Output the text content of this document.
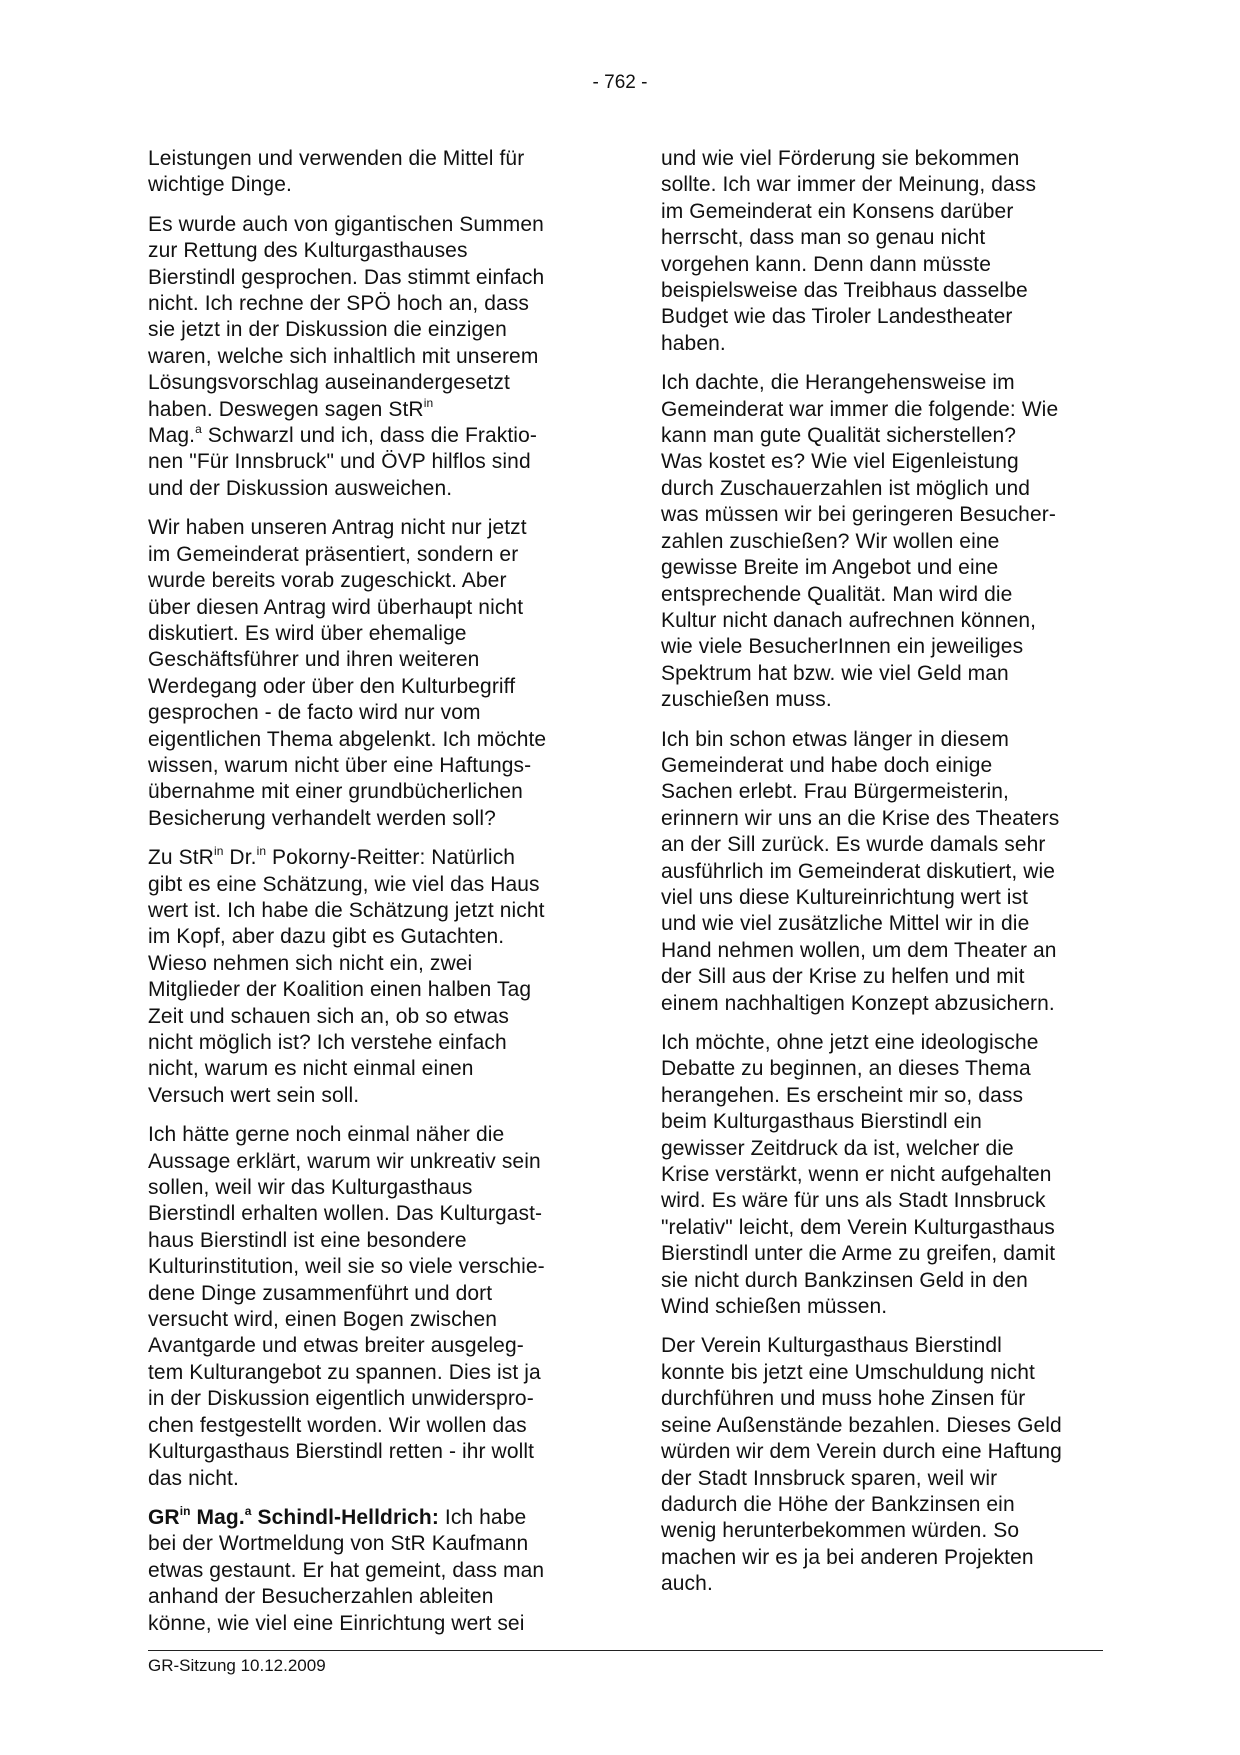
- 762 -

Leistungen und verwenden die Mittel für
wichtige Dinge.

Es wurde auch von gigantischen Summen
zur Rettung des Kulturgasthauses
Bierstindl gesprochen. Das stimmt einfach
nicht. Ich rechne der SPÖ hoch an, dass
sie jetzt in der Diskussion die einzigen
waren, welche sich inhaltlich mit unserem
Lösungsvorschlag auseinandergesetzt
haben. Deswegen sagen StR$^{in}$
Mag.$^a$ Schwarzl und ich, dass die Fraktio-
nen "Für Innsbruck" und ÖVP hilflos sind
und der Diskussion ausweichen.

Wir haben unseren Antrag nicht nur jetzt
im Gemeinderat präsentiert, sondern er
wurde bereits vorab zugeschickt. Aber
über diesen Antrag wird überhaupt nicht
diskutiert. Es wird über ehemalige
Geschäftsführer und ihren weiteren
Werdegang oder über den Kulturbegriff
gesprochen - de facto wird nur vom
eigentlichen Thema abgelenkt. Ich möchte
wissen, warum nicht über eine Haftungs-
übernahme mit einer grundbücherlichen
Besicherung verhandelt werden soll?

Zu StR$^{in}$ Dr.$^{in}$ Pokorny-Reitter: Natürlich
gibt es eine Schätzung, wie viel das Haus
wert ist. Ich habe die Schätzung jetzt nicht
im Kopf, aber dazu gibt es Gutachten.
Wieso nehmen sich nicht ein, zwei
Mitglieder der Koalition einen halben Tag
Zeit und schauen sich an, ob so etwas
nicht möglich ist? Ich verstehe einfach
nicht, warum es nicht einmal einen
Versuch wert sein soll.

Ich hätte gerne noch einmal näher die
Aussage erklärt, warum wir unkreativ sein
sollen, weil wir das Kulturgasthaus
Bierstindl erhalten wollen. Das Kulturgast-
haus Bierstindl ist eine besondere
Kulturinstitution, weil sie so viele verschie-
dene Dinge zusammenführt und dort
versucht wird, einen Bogen zwischen
Avantgarde und etwas breiter ausgeleg-
tem Kulturangebot zu spannen. Dies ist ja
in der Diskussion eigentlich unwiderspro-
chen festgestellt worden. Wir wollen das
Kulturgasthaus Bierstindl retten - ihr wollt
das nicht.

$GR^{in}$ Mag.$^a$ Schindl-Helldrich: Ich habe
bei der Wortmeldung von StR Kaufmann
etwas gestaunt. Er hat gemeint, dass man
anhand der Besucherzahlen ableiten
könne, wie viel eine Einrichtung wert sei

und wie viel Förderung sie bekommen
sollte. Ich war immer der Meinung, dass
im Gemeinderat ein Konsens darüber
herrscht, dass man so genau nicht
vorgehen kann. Denn dann müsste
beispielsweise das Treibhaus dasselbe
Budget wie das Tiroler Landestheater
haben.

Ich dachte, die Herangehensweise im
Gemeinderat war immer die folgende: Wie
kann man gute Qualität sicherstellen?
Was kostet es? Wie viel Eigenleistung
durch Zuschauerzahlen ist möglich und
was müssen wir bei geringeren Besucher-
zahlen zuschießen? Wir wollen eine
gewisse Breite im Angebot und eine
entsprechende Qualität. Man wird die
Kultur nicht danach aufrechnen können,
wie viele BesucherInnen ein jeweiliges
Spektrum hat bzw. wie viel Geld man
zuschießen muss.

Ich bin schon etwas länger in diesem
Gemeinderat und habe doch einige
Sachen erlebt. Frau Bürgermeisterin,
erinnern wir uns an die Krise des Theaters
an der Sill zurück. Es wurde damals sehr
ausführlich im Gemeinderat diskutiert, wie
viel uns diese Kultureinrichtung wert ist
und wie viel zusätzliche Mittel wir in die
Hand nehmen wollen, um dem Theater an
der Sill aus der Krise zu helfen und mit
einem nachhaltigen Konzept abzusichern.

Ich möchte, ohne jetzt eine ideologische
Debatte zu beginnen, an dieses Thema
herangehen. Es erscheint mir so, dass
beim Kulturgasthaus Bierstindl ein
gewisser Zeitdruck da ist, welcher die
Krise verstärkt, wenn er nicht aufgehalten
wird. Es wäre für uns als Stadt Innsbruck
"relativ" leicht, dem Verein Kulturgasthaus
Bierstindl unter die Arme zu greifen, damit
sie nicht durch Bankzinsen Geld in den
Wind schießen müssen.

Der Verein Kulturgasthaus Bierstindl
konnte bis jetzt eine Umschuldung nicht
durchführen und muss hohe Zinsen für
seine Außenstände bezahlen. Dieses Geld
würden wir dem Verein durch eine Haftung
der Stadt Innsbruck sparen, weil wir
dadurch die Höhe der Bankzinsen ein
wenig herunterbekommen würden. So
machen wir es ja bei anderen Projekten
auch.

GR-Sitzung 10.12.2009
